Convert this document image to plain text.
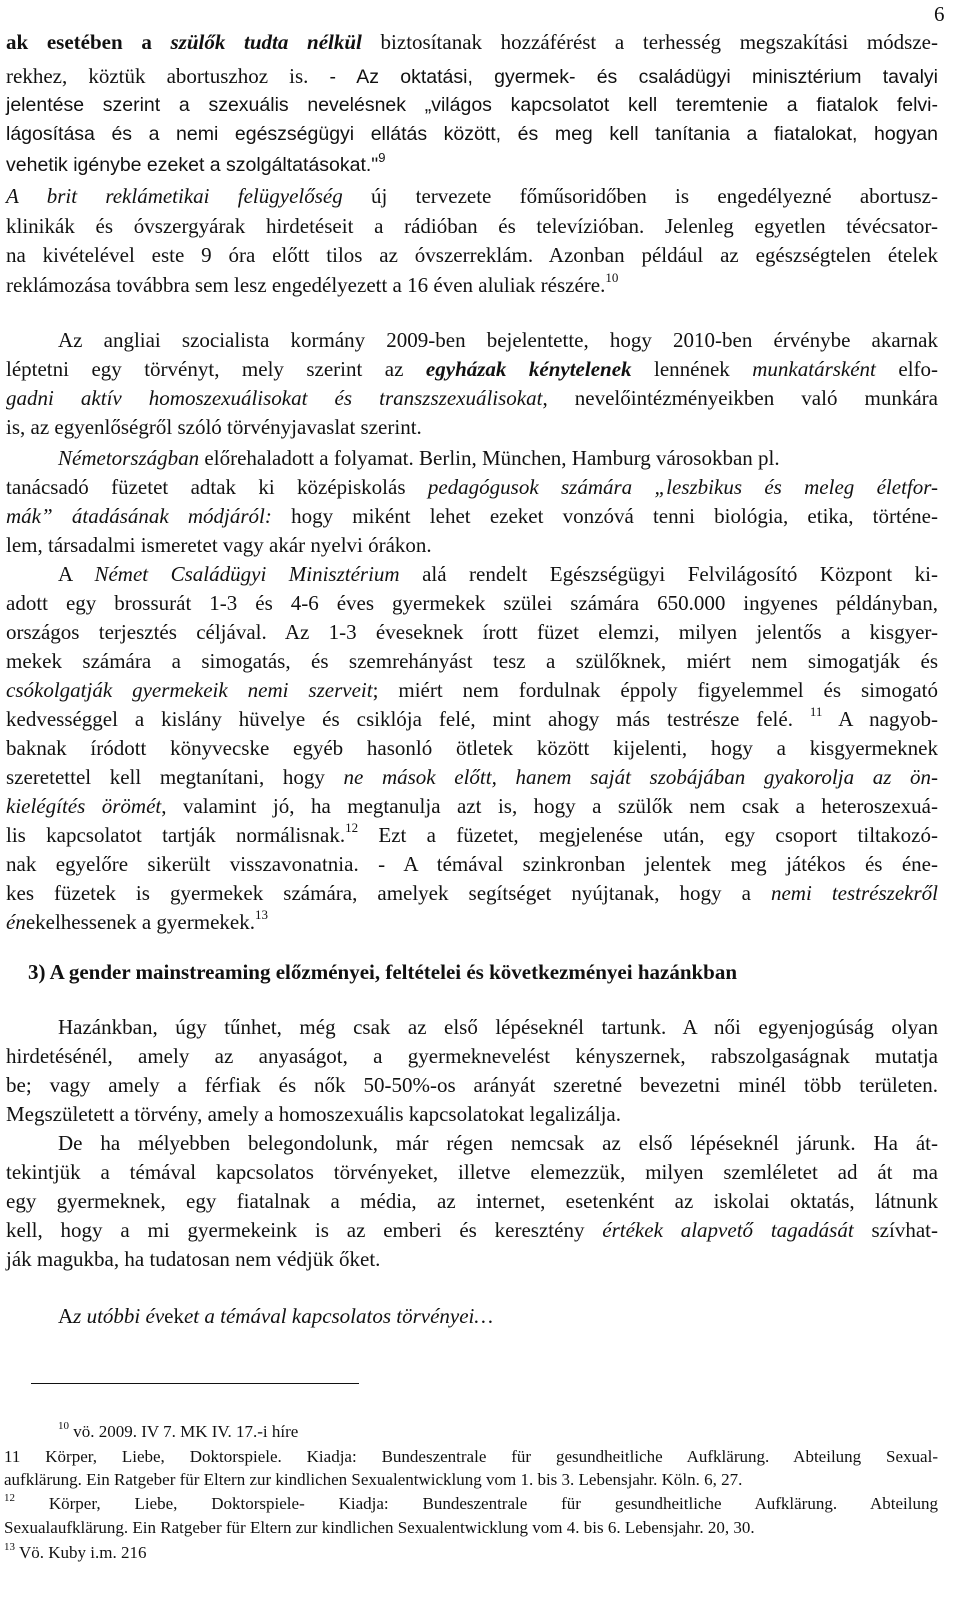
6
ak esetében a szülők tudta nélkül biztosítanak hozzáférést a terhesség megszakítási módsze-
rekhez, köztük abortuszhoz is. - Az oktatási, gyermek- és családügyi minisztérium tavalyi
jelentése szerint a szexuális nevelésnek „világos kapcsolatot kell teremtenie a fiatalok felvi-
lágosítása és a nemi egészségügyi ellátás között, és meg kell tanítania a fiatalokat, hogyan
vehetik igénybe ezeket a szolgáltatásokat."$^9$
A brit reklámetikai felügyelőség új tervezete főműsoridőben is engedélyezné abortusz-
klinikák és óvszergyárak hirdetéseit a rádióban és televízióban. Jelenleg egyetlen tévécsator-
na kivételével este 9 óra előtt tilos az óvszerreklám. Azonban például az egészségtelen ételek
reklámozása továbbra sem lesz engedélyezett a 16 éven aluliak részére.$^{10}$
Az angliai szocialista kormány 2009-ben bejelentette, hogy 2010-ben érvénybe akarnak
léptetni egy törvényt, mely szerint az egyházak kénytelenek lennének munkatársként elfo-
gadni aktív homoszexuálisokat és transzszexuálisokat, nevelőintézményeikben való munkára
is, az egyenlőségről szóló törvényjavaslat szerint.
Németországban előrehaladott a folyamat. Berlin, München, Hamburg városokban pl.
tanácsadó füzetet adtak ki középiskolás pedagógusok számára „leszbikus és meleg életfor-
mák” átadásának módjáról: hogy miként lehet ezeket vonzóvá tenni biológia, etika, történe-
lem, társadalmi ismeretet vagy akár nyelvi órákon.
A Német Családügyi Minisztérium alá rendelt Egészségügyi Felvilágosító Központ ki-
adott egy brossurát 1-3 és 4-6 éves gyermekek szülei számára 650.000 ingyenes példányban,
országos terjesztés céljával. Az 1-3 éveseknek írott füzet elemzi, milyen jelentős a kisgyer-
mekek számára a simogatás, és szemrehányást tesz a szülőknek, miért nem simogatják és
csókolgatják gyermekeik nemi szerveit; miért nem fordulnak éppoly figyelemmel és simogató
kedvességgel a kislány hüvelye és csiklója felé, mint ahogy más testrésze felé. $^{11}$ A nagyob-
baknak íródott könyvecske egyéb hasonló ötletek között kijelenti, hogy a kisgyermeknek
szeretettel kell megtanítani, hogy ne mások előtt, hanem saját szobájában gyakorolja az ön-
kielégítés örömét, valamint jó, ha megtanulja azt is, hogy a szülők nem csak a heteroszexuá-
lis kapcsolatot tartják normálisnak.$^{12}$ Ezt a füzetet, megjelenése után, egy csoport tiltakozó-
nak egyelőre sikerült visszavonatnia. - A témával szinkronban jelentek meg játékos és éne-
kes füzetek is gyermekek számára, amelyek segítséget nyújtanak, hogy a nemi testrészekről
énekelhessenek a gyermekek.$^{13}$
3) A gender mainstreaming előzményei, feltételei és következményei hazánkban
Hazánkban, úgy tűnhet, még csak az első lépéseknél tartunk. A női egyenjogúság olyan
hirdetésénél, amely az anyaságot, a gyermeknevelést kényszernek, rabszolgaságnak mutatja
be; vagy amely a férfiak és nők 50-50%-os arányát szeretné bevezetni minél több területen.
Megszületett a törvény, amely a homoszexuális kapcsolatokat legalizálja.
De ha mélyebben belegondolunk, már régen nemcsak az első lépéseknél járunk. Ha át-
tekintjük a témával kapcsolatos törvényeket, illetve elemezzük, milyen szemléletet ad át ma
egy gyermeknek, egy fiatalnak a média, az internet, esetenként az iskolai oktatás, látnunk
kell, hogy a mi gyermekeink is az emberi és keresztény értékek alapvető tagadását szívhat-
ják magukba, ha tudatosan nem védjük őket.
Az utóbbi éveket a témával kapcsolatos törvényei…
$^{10}$ vö. 2009. IV 7. MK IV. 17.-i híre
11 Körper, Liebe, Doktorspiele. Kiadja: Bundeszentrale für gesundheitliche Aufklärung. Abteilung Sexual-
aufklärung. Ein Ratgeber für Eltern zur kindlichen Sexualentwicklung vom 1. bis 3. Lebensjahr. Köln. 6, 27.
$^{12}$ Körper, Liebe, Doktorspiele- Kiadja: Bundeszentrale für gesundheitliche Aufklärung. Abteilung
Sexualaufklärung. Ein Ratgeber für Eltern zur kindlichen Sexualentwicklung vom 4. bis 6. Lebensjahr. 20, 30.
$^{13}$ Vö. Kuby i.m. 216
